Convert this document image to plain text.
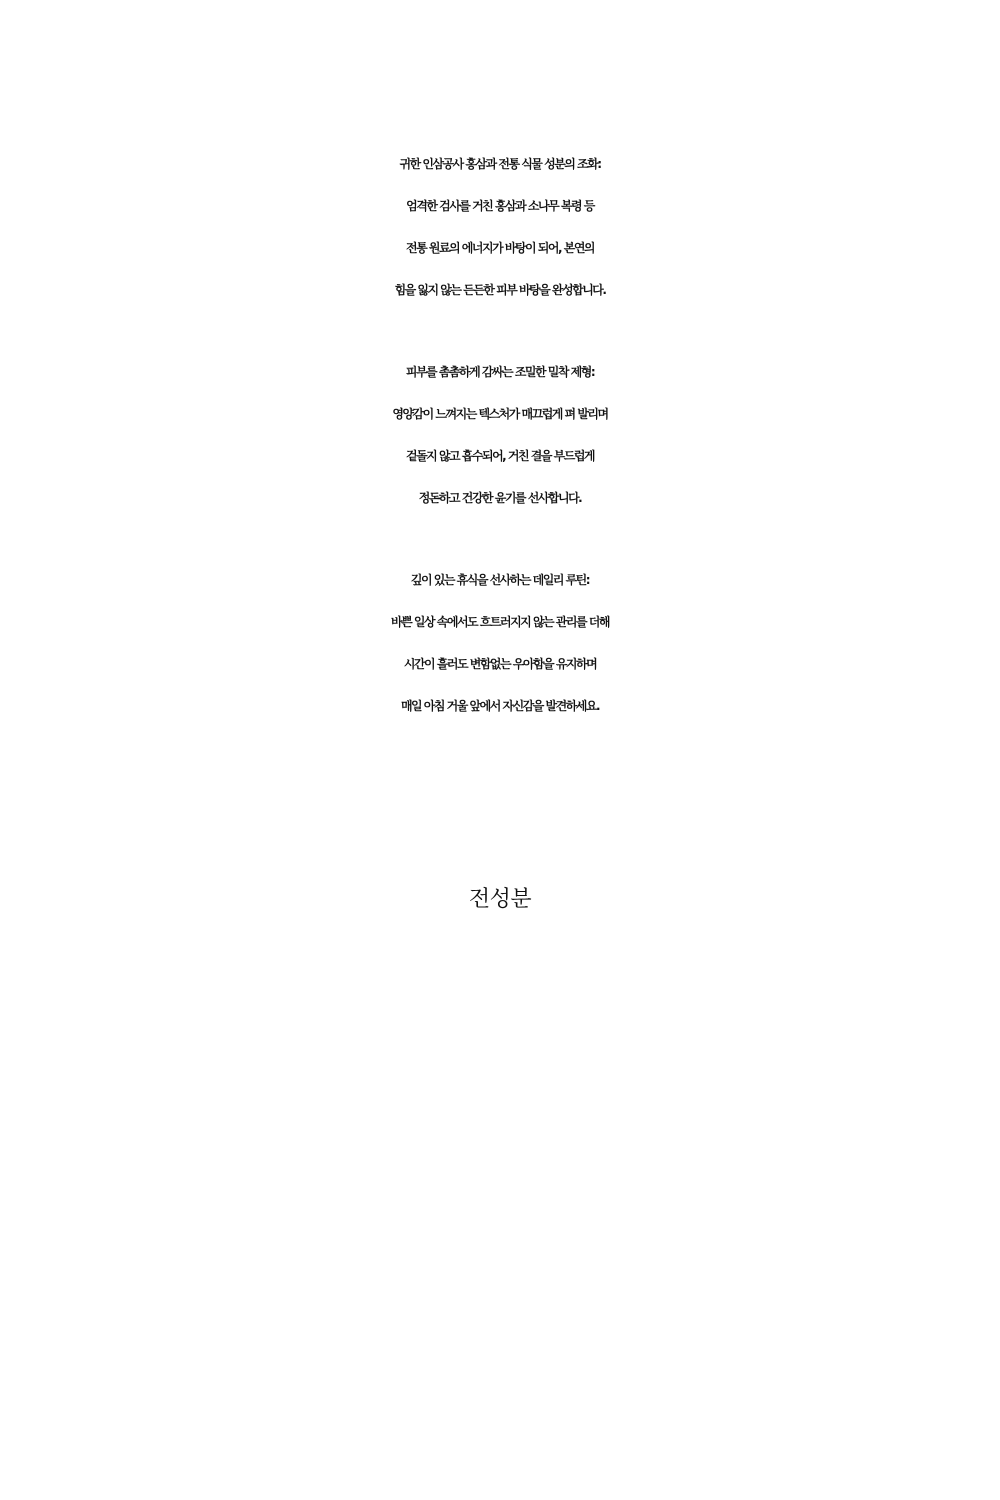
귀한 인삼공사 홍삼과 전통 식물 성분의 조화:
엄격한 검사를 거친 홍삼과 소나무 복령 등
전통 원료의 에너지가 바탕이 되어, 본연의
힘을 잃지 않는 든든한 피부 바탕을 완성합니다.
피부를 촘촘하게 감싸는 조밀한 밀착 제형:
영양감이 느껴지는 텍스처가 매끄럽게 펴 발리며
겉돌지 않고 흡수되어, 거친 결을 부드럽게
정돈하고 건강한 윤기를 선사합니다.
깊이 있는 휴식을 선사하는 데일리 루틴:
바쁜 일상 속에서도 흐트러지지 않는 관리를 더해
시간이 흘러도 변함없는 우아함을 유지하며
매일 아침 거울 앞에서 자신감을 발견하세요.
전성분
